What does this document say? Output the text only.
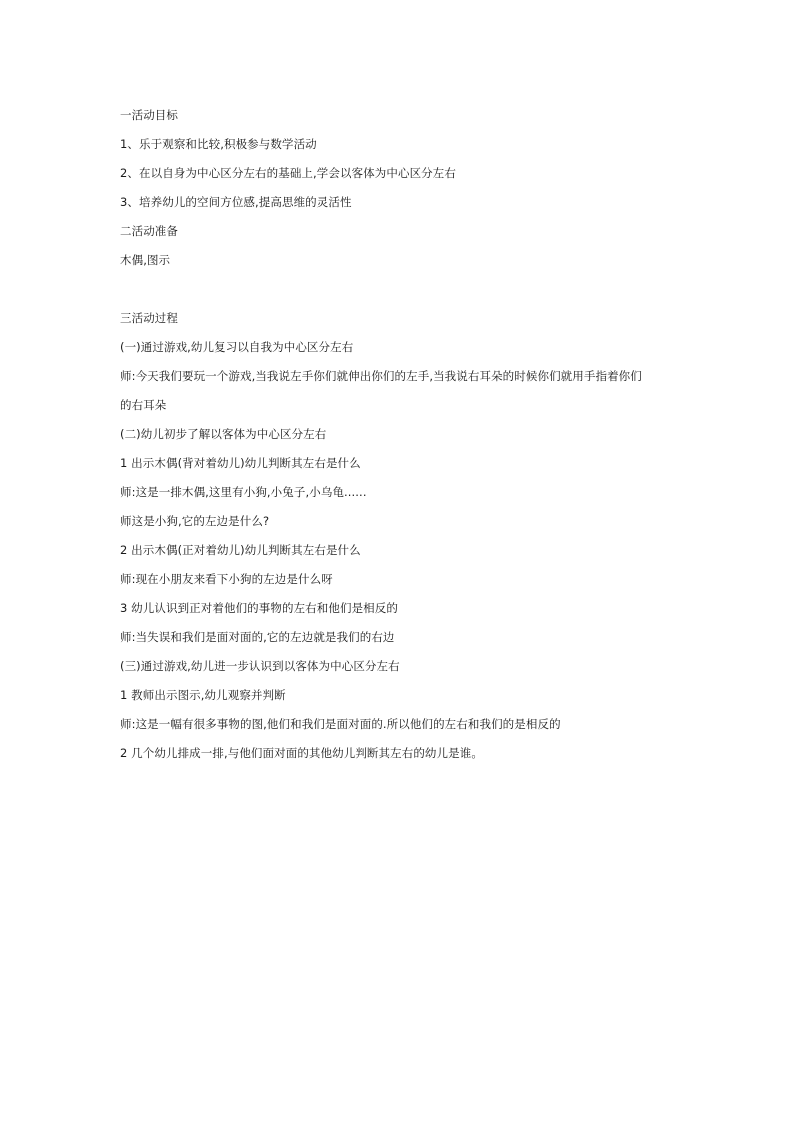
一活动目标
1、乐于观察和比较,积极参与数学活动
2、在以自身为中心区分左右的基础上,学会以客体为中心区分左右
3、培养幼儿的空间方位感,提高思维的灵活性
二活动准备
木偶,图示
三活动过程
(一)通过游戏,幼儿复习以自我为中心区分左右
师:今天我们要玩一个游戏,当我说左手你们就伸出你们的左手,当我说右耳朵的时候你们就用手指着你们
的右耳朵
(二)幼儿初步了解以客体为中心区分左右
1 出示木偶(背对着幼儿)幼儿判断其左右是什么
师:这是一排木偶,这里有小狗,小兔子,小乌龟......
师这是小狗,它的左边是什么?
2 出示木偶(正对着幼儿)幼儿判断其左右是什么
师:现在小朋友来看下小狗的左边是什么呀
3 幼儿认识到正对着他们的事物的左右和他们是相反的
师:当失误和我们是面对面的,它的左边就是我们的右边
(三)通过游戏,幼儿进一步认识到以客体为中心区分左右
1 教师出示图示,幼儿观察并判断
师:这是一幅有很多事物的图,他们和我们是面对面的.所以他们的左右和我们的是相反的
2 几个幼儿排成一排,与他们面对面的其他幼儿判断其左右的幼儿是谁。
